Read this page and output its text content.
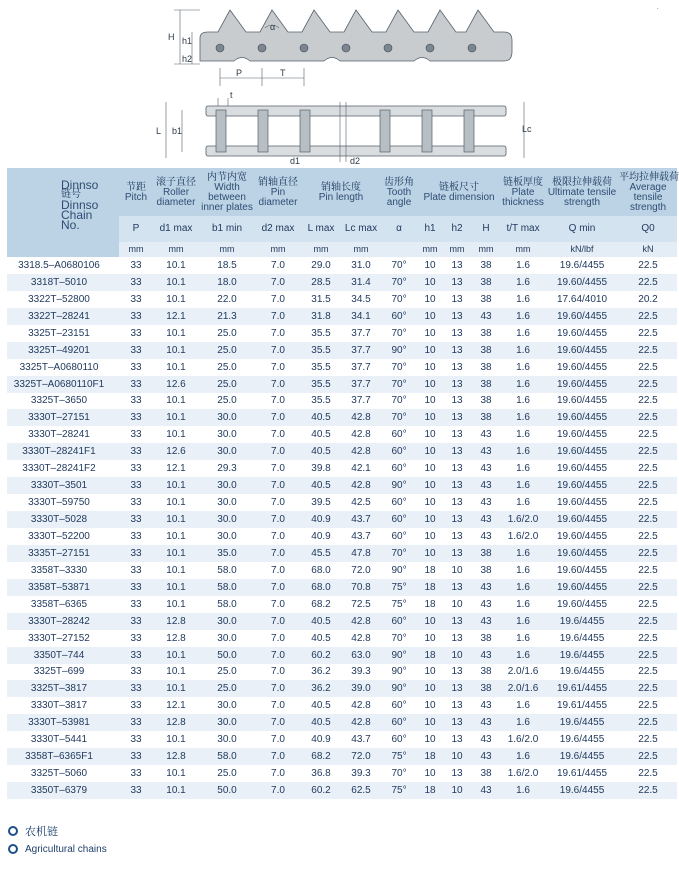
·
H h1
h2
α
P	T
t
L b1	Lc
d1	d2
Dinnso
链号
Dinnso
Chain
No.	节距
Pitch	滚子直径
Roller diameter	内节内宽
Width between inner plates	销轴直径
Pin diameter	销轴长度
Pin length		齿形角
Tooth angle	链板尺寸
Plate dimension			链板厚度
Plate thickness	极限拉伸载荷
Ultimate tensile strength	平均拉伸载荷
Average tensile strength

	P	d1 max	b1 min	d2 max	L max	Lc max	α	h1	h2	H	t/T max	Q min	Q0
	mm	mm	mm	mm	mm	mm		mm	mm	mm	mm	kN/lbf	kN
3318.5–A0680106	33	10.1	18.5	7.0	29.0	31.0	70°	10	13	38	1.6	19.6/4455	22.5
3318T–5010	33	10.1	18.0	7.0	28.5	31.4	70°	10	13	38	1.6	19.60/4455	22.5
3322T–52800	33	10.1	22.0	7.0	31.5	34.5	70°	10	13	38	1.6	17.64/4010	20.2
3322T–28241	33	12.1	21.3	7.0	31.8	34.1	60°	10	13	43	1.6	19.60/4455	22.5
3325T–23151	33	10.1	25.0	7.0	35.5	37.7	70°	10	13	38	1.6	19.60/4455	22.5
3325T–49201	33	10.1	25.0	7.0	35.5	37.7	90°	10	13	38	1.6	19.60/4455	22.5
3325T–A0680110	33	10.1	25.0	7.0	35.5	37.7	70°	10	13	38	1.6	19.60/4455	22.5
3325T–A0680110F1	33	12.6	25.0	7.0	35.5	37.7	70°	10	13	38	1.6	19.60/4455	22.5
3325T–3650	33	10.1	25.0	7.0	35.5	37.7	70°	10	13	38	1.6	19.60/4455	22.5
3330T–27151	33	10.1	30.0	7.0	40.5	42.8	70°	10	13	38	1.6	19.60/4455	22.5
3330T–28241	33	10.1	30.0	7.0	40.5	42.8	60°	10	13	43	1.6	19.60/4455	22.5
3330T–28241F1	33	12.6	30.0	7.0	40.5	42.8	60°	10	13	43	1.6	19.60/4455	22.5
3330T–28241F2	33	12.1	29.3	7.0	39.8	42.1	60°	10	13	43	1.6	19.60/4455	22.5
3330T–3501	33	10.1	30.0	7.0	40.5	42.8	90°	10	13	43	1.6	19.60/4455	22.5
3330T–59750	33	10.1	30.0	7.0	39.5	42.5	60°	10	13	43	1.6	19.60/4455	22.5
3330T–5028	33	10.1	30.0	7.0	40.9	43.7	60°	10	13	43	1.6/2.0	19.60/4455	22.5
3330T–52200	33	10.1	30.0	7.0	40.9	43.7	60°	10	13	43	1.6/2.0	19.60/4455	22.5
3335T–27151	33	10.1	35.0	7.0	45.5	47.8	70°	10	13	38	1.6	19.60/4455	22.5
3358T–3330	33	10.1	58.0	7.0	68.0	72.0	90°	18	10	38	1.6	19.60/4455	22.5
3358T–53871	33	10.1	58.0	7.0	68.0	70.8	75°	18	13	43	1.6	19.60/4455	22.5
3358T–6365	33	10.1	58.0	7.0	68.2	72.5	75°	18	10	43	1.6	19.60/4455	22.5
3330T–28242	33	12.8	30.0	7.0	40.5	42.8	60°	10	13	43	1.6	19.6/4455	22.5
3330T–27152	33	12.8	30.0	7.0	40.5	42.8	70°	10	13	38	1.6	19.6/4455	22.5
3350T–744	33	10.1	50.0	7.0	60.2	63.0	90°	18	10	43	1.6	19.6/4455	22.5
3325T–699	33	10.1	25.0	7.0	36.2	39.3	90°	10	13	38	2.0/1.6	19.6/4455	22.5
3325T–3817	33	10.1	25.0	7.0	36.2	39.0	90°	10	13	38	2.0/1.6	19.61/4455	22.5
3330T–3817	33	12.1	30.0	7.0	40.5	42.8	60°	10	13	43	1.6	19.61/4455	22.5
3330T–53981	33	12.8	30.0	7.0	40.5	42.8	60°	10	13	43	1.6	19.6/4455	22.5
3330T–5441	33	10.1	30.0	7.0	40.9	43.7	60°	10	13	43	1.6/2.0	19.6/4455	22.5
3358T–6365F1	33	12.8	58.0	7.0	68.2	72.0	75°	18	10	43	1.6	19.6/4455	22.5
3325T–5060	33	10.1	25.0	7.0	36.8	39.3	70°	10	13	38	1.6/2.0	19.61/4455	22.5
3350T–6379	33	10.1	50.0	7.0	60.2	62.5	75°	18	10	43	1.6	19.6/4455	22.5
农机链
Agricultural chains
